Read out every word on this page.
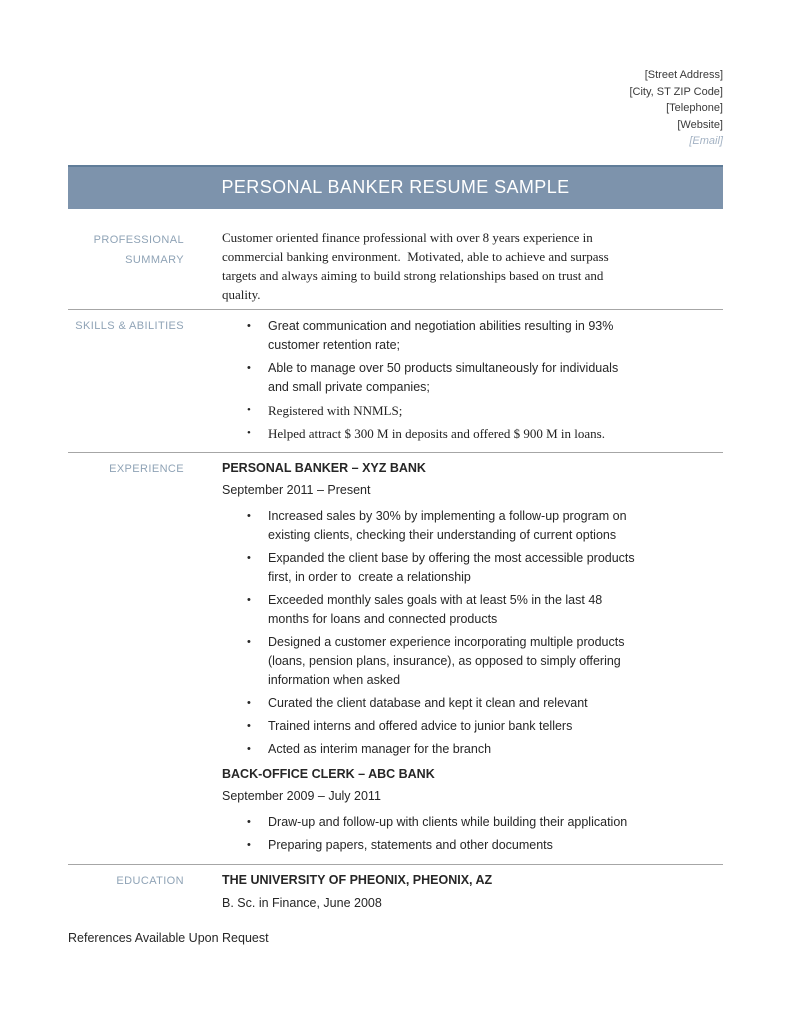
[Street Address]
[City, ST ZIP Code]
[Telephone]
[Website]
[Email]
PERSONAL BANKER RESUME SAMPLE
PROFESSIONAL SUMMARY
Customer oriented finance professional with over 8 years experience in commercial banking environment.  Motivated, able to achieve and surpass targets and always aiming to build strong relationships based on trust and quality.
SKILLS & ABILITIES	•	Great communication and negotiation abilities resulting in 93% customer retention rate;
•	Able to manage over 50 products simultaneously for individuals and small private companies;
•	Registered with NNMLS;
•	Helped attract $ 300 M in deposits and offered $ 900 M in loans.
EXPERIENCE	PERSONAL BANKER – XYZ BANK
September 2011 – Present
•	Increased sales by 30% by implementing a follow-up program on existing clients, checking their understanding of current options
•	Expanded the client base by offering the most accessible products first, in order to  create a relationship
•	Exceeded monthly sales goals with at least 5% in the last 48 months for loans and connected products
•	Designed a customer experience incorporating multiple products (loans, pension plans, insurance), as opposed to simply offering information when asked
•	Curated the client database and kept it clean and relevant
•	Trained interns and offered advice to junior bank tellers
•	Acted as interim manager for the branch
BACK-OFFICE CLERK – ABC BANK
September 2009 – July 2011
•	Draw-up and follow-up with clients while building their application
•	Preparing papers, statements and other documents
EDUCATION	THE UNIVERSITY OF PHEONIX, PHEONIX, AZ
B. Sc. in Finance, June 2008
References Available Upon Request
